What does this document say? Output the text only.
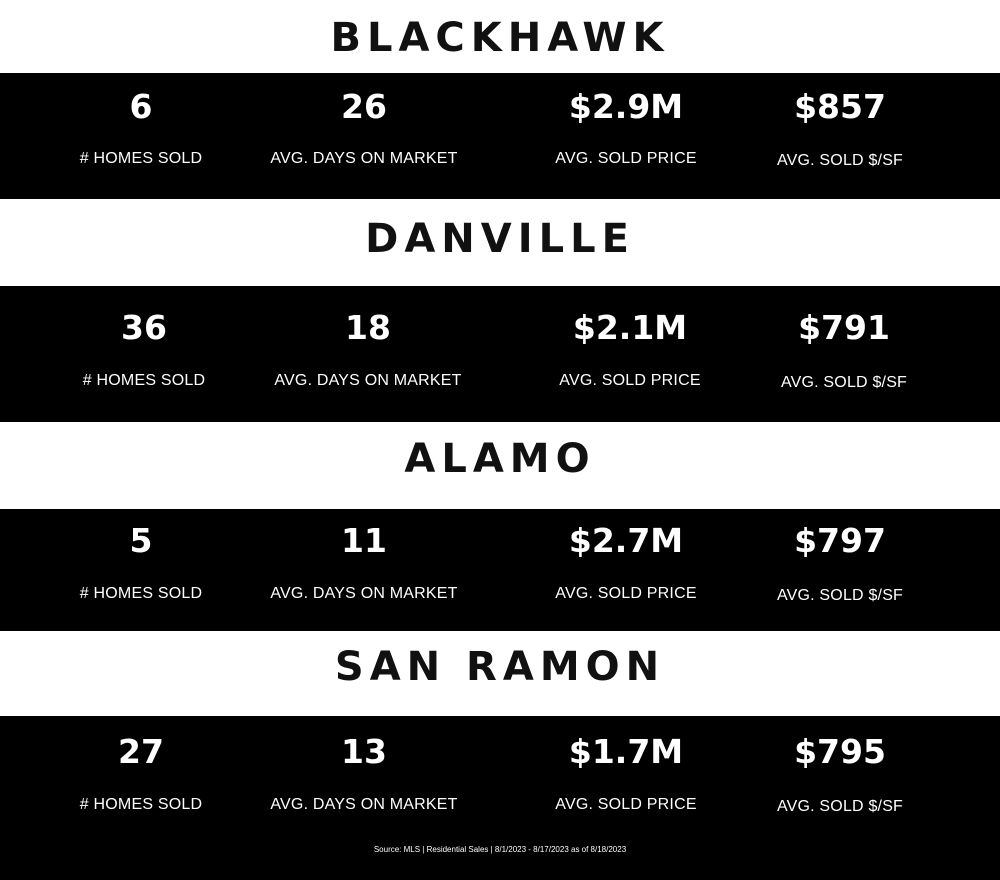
BLACKHAWK
6
# HOMES SOLD
26
AVG. DAYS ON MARKET
$2.9M
AVG. SOLD PRICE
$857
AVG. SOLD $/SF
DANVILLE
36
# HOMES SOLD
18
AVG. DAYS ON MARKET
$2.1M
AVG. SOLD PRICE
$791
AVG. SOLD $/SF
ALAMO
5
# HOMES SOLD
11
AVG. DAYS ON MARKET
$2.7M
AVG. SOLD PRICE
$797
AVG. SOLD $/SF
SAN RAMON
27
# HOMES SOLD
13
AVG. DAYS ON MARKET
$1.7M
AVG. SOLD PRICE
$795
AVG. SOLD $/SF
Source: MLS | Residential Sales | 8/1/2023 - 8/17/2023 as of 8/18/2023
